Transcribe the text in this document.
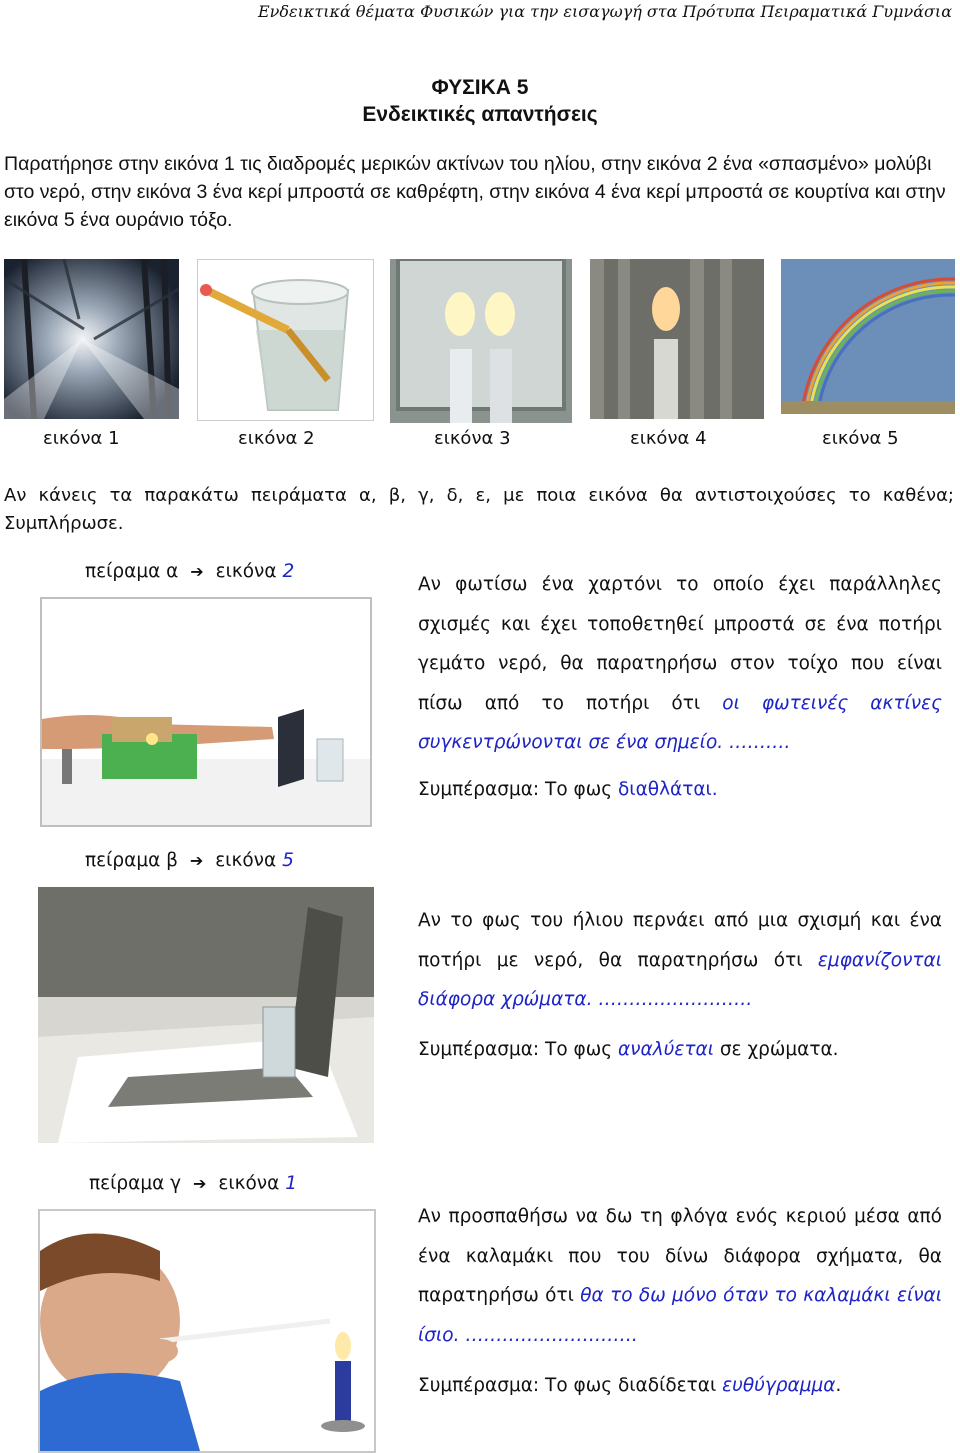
Ενδεικτικά θέματα Φυσικών για την εισαγωγή στα Πρότυπα Πειραματικά Γυμνάσια
ΦΥΣΙΚΑ 5
Ενδεικτικές απαντήσεις
Παρατήρησε στην εικόνα 1 τις διαδρομές μερικών ακτίνων του ηλίου, στην εικόνα 2 ένα «σπασμένο» μολύβι στο νερό, στην εικόνα 3 ένα κερί μπροστά σε καθρέφτη, στην εικόνα 4 ένα κερί μπροστά σε κουρτίνα και στην εικόνα 5 ένα ουράνιο τόξο.
εικόνα 1	εικόνα 2	εικόνα 3	εικόνα 4	εικόνα 5
Αν κάνεις τα παρακάτω πειράματα α, β, γ, δ, ε, με ποια εικόνα θα αντιστοιχούσες το καθένα; Συμπλήρωσε.
πείραμα α ➔ εικόνα 2
Αν φωτίσω ένα χαρτόνι το οποίο έχει παράλληλες σχισμές και έχει τοποθετηθεί μπροστά σε ένα ποτήρι γεμάτο νερό, θα παρατηρήσω στον τοίχο που είναι πίσω από το ποτήρι ότι οι φωτεινές ακτίνες συγκεντρώνονται σε ένα σημείο. ……….
Συμπέρασμα: Το φως διαθλάται.
πείραμα β ➔ εικόνα 5
Αν το φως του ήλιου περνάει από μια σχισμή και ένα ποτήρι με νερό, θα παρατηρήσω ότι εμφανίζονται διάφορα χρώματα. …………………….
Συμπέρασμα: Το φως αναλύεται σε χρώματα.
πείραμα γ ➔ εικόνα 1
Αν προσπαθήσω να δω τη φλόγα ενός κεριού μέσα από ένα καλαμάκι που του δίνω διάφορα σχήματα, θα παρατηρήσω ότι θα το δω μόνο όταν το καλαμάκι είναι ίσιο. ……………………….
Συμπέρασμα: Το φως διαδίδεται ευθύγραμμα.
